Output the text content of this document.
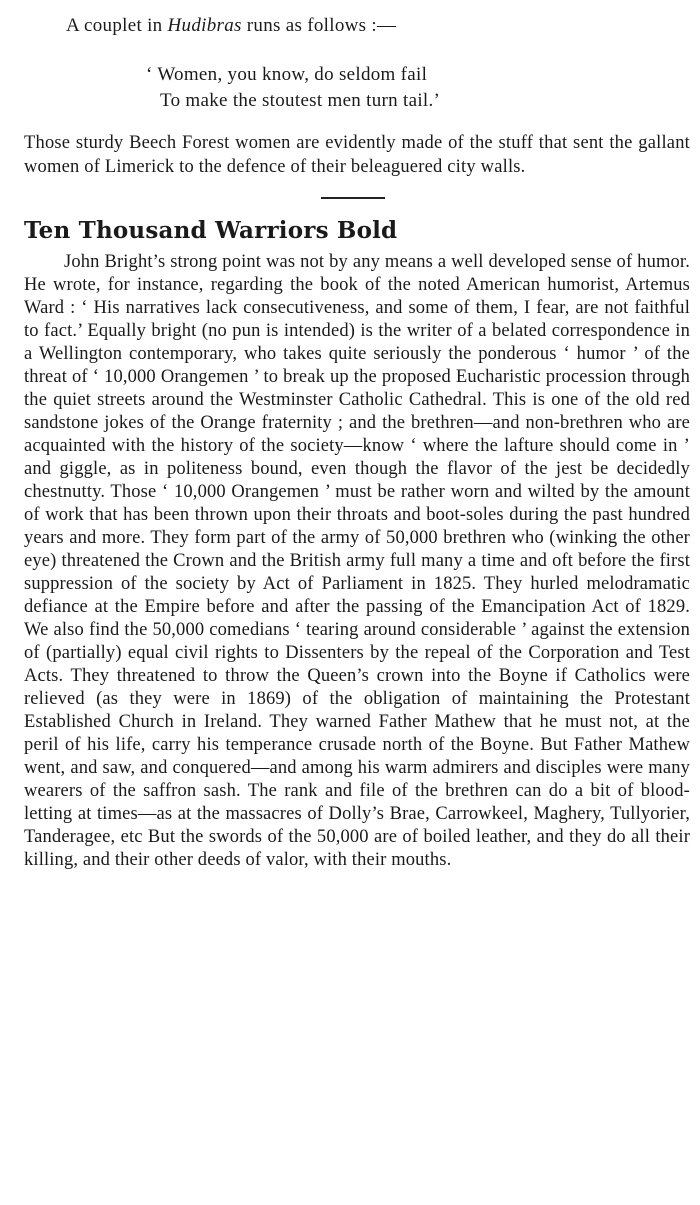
A couplet in Hudibras runs as follows :—

‘ Women, you know, do seldom fail
To make the stoutest men turn tail.’

Those sturdy Beech Forest women are evidently made of the stuff that sent the gallant women of Limerick to the defence of their beleaguered city walls.

Ten Thousand Warriors Bold

John Bright’s strong point was not by any means a well developed sense of humor. He wrote, for instance, regarding the book of the noted American humorist, Artemus Ward : ‘ His narratives lack consecutiveness, and some of them, I fear, are not faithful to fact.’ Equally bright (no pun is intended) is the writer of a belated correspondence in a Wellington contemporary, who takes quite seriously the ponderous ‘ humor ’ of the threat of ‘ 10,000 Orangemen ’ to break up the proposed Eucharistic procession through the quiet streets around the Westminster Catholic Cathedral. This is one of the old red sandstone jokes of the Orange fraternity ; and the brethren—and non-brethren who are acquainted with the history of the society—know ‘ where the lafture should come in ’ and giggle, as in politeness bound, even though the flavor of the jest be decidedly chestnutty. Those ‘ 10,000 Orangemen ’ must be rather worn and wilted by the amount of work that has been thrown upon their throats and boot-soles during the past hundred years and more. They form part of the army of 50,000 brethren who (winking the other eye) threatened the Crown and the British army full many a time and oft before the first suppression of the society by Act of Parliament in 1825. They hurled melodramatic defiance at the Empire before and after the passing of the Emancipation Act of 1829. We also find the 50,000 comedians ‘ tearing around considerable ’ against the extension of (partially) equal civil rights to Dissenters by the repeal of the Corporation and Test Acts. They threatened to throw the Queen’s crown into the Boyne if Catholics were relieved (as they were in 1869) of the obligation of maintaining the Protestant Established Church in Ireland. They warned Father Mathew that he must not, at the peril of his life, carry his temperance crusade north of the Boyne. But Father Mathew went, and saw, and conquered—and among his warm admirers and disciples were many wearers of the saffron sash. The rank and file of the brethren can do a bit of blood-letting at times—as at the massacres of Dolly’s Brae, Carrowkeel, Maghery, Tullyorier, Tanderagee, etc But the swords of the 50,000 are of boiled leather, and they do all their killing, and their other deeds of valor, with their mouths.
